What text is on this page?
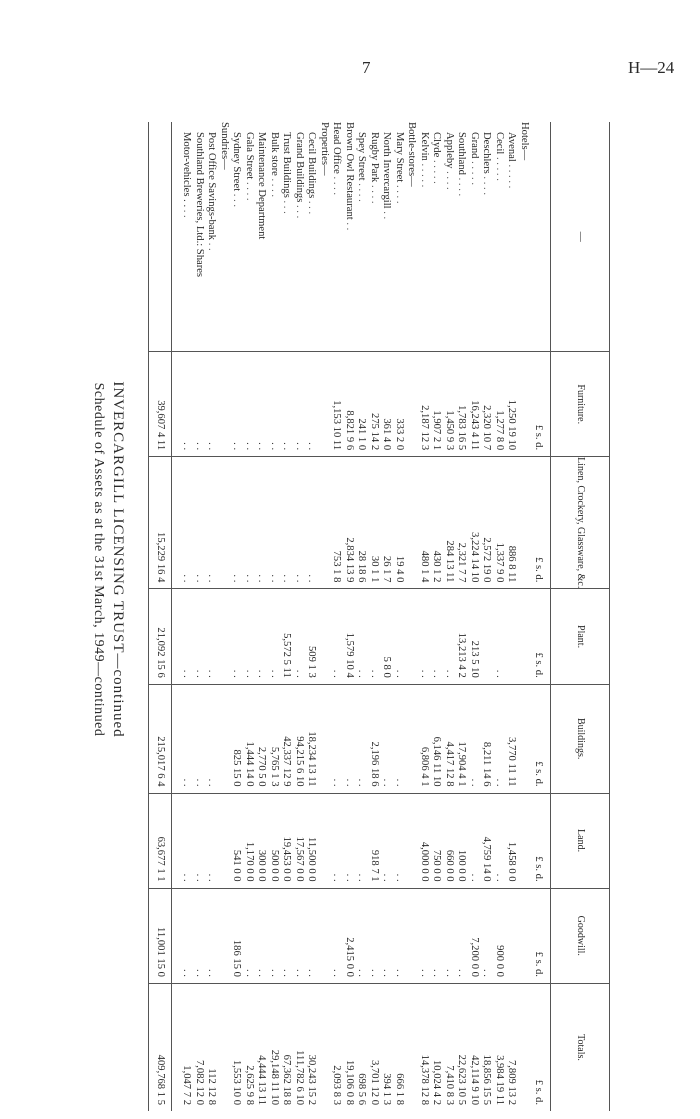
7	H—24
INVERCARGILL LICENSING TRUST—continued
Schedule of Assets as at the 31st March, 1949—continued
—	Furniture.	Linen, Crockery, Glassware, &c.	Plant.	Buildings.	Land.	Goodwill.	Totals.
	£ s. d.	£ s. d.	£ s. d.	£ s. d.	£ s. d.	£ s. d.	£ s. d.
Hotels—							
Avenal . . . . .	1,250 19 10	886 8 11		3,770 11 11	1,458 0 0		7,809 13 2
Cecil . . . . .	1,277 8 0	1,337 9 0	. .	. .	. .	900 0 0	3,984 19 11
Deschlers . . . .	2,320 10 7	2,572 19 0		8,211 14 6	4,759 14 0	. .	18,856 15 5
Grand . . . . .	16,243 4 11	3,224 14 10	213 5 10	. .	. .	7,200 0 0	42,114 9 10
Southland . . . .	1,783 16 5	2,321 7 7	13,213 4 2	17,904 4 1	100 0 0	. .	22,623 10 5
Appleby . . . .	1,450 9 3	284 13 11	. .	4,417 12 8	660 0 0	. .	7,410 8 3
Clyde . . . . .	1,907 2 1	430 1 2	. .	6,146 11 10	750 0 0	. .	10,024 4 2
Kelvin . . . . .	2,187 12 3	480 1 4	. .	6,806 4 1	4,000 0 0	. .	14,378 12 8
Bottle-stores—							
Mary Street . . . .	333 2 0	19 4 0	. .	. .	. .	. .	666 1 8
North Invercargill . .	361 4 0	26 1 7	5 8 0	. .	. .	. .	394 1 3
Rugby Park . . . .	275 14 2	30 1 1	. .	2,196 18 6	918 7 1	. .	3,701 12 0
Spey Street . . . .	241 1 0	28 18 6	. .	. .	. .	. .	698 5 6
Brown Owl Restaurant . .	8,821 9 6	2,834 13 9	1,579 10 4	. .	. .	2,415 0 0	19,106 0 8
Head Office . . . .	1,153 10 11	753 1 8	. .	. .	. .	. .	2,093 8 3
Properties—							
Cecil Buildings . . .	. .	. .	509 1 3	18,234 13 11	11,500 0 0	. .	30,243 15 2
Grand Buildings . . .	. .	. .	. .	94,215 6 10	17,567 0 0	. .	111,782 6 10
Trust Buildings . . .	. .	. .	5,572 5 11	42,337 12 9	19,453 0 0	. .	67,362 18 8
Bulk store . . . .	. .	. .	. .	5,765 1 3	500 0 0	. .	29,148 11 10
Maintenance Department	. .	. .	. .	2,770 5 0	300 0 0	. .	4,444 13 11
Gala Street . . . .	. .	. .	. .	1,444 14 0	1,170 0 0	. .	2,625 9 8
Sydney Street . . .	. .	. .	. .	825 15 0	541 0 0	186 15 0	1,553 10 0
Sundries—							
Post Office Savings-bank . .	. .	. .	. .	. .	. .	. .	112 12 8
Southland Breweries, Ltd.: Shares	. .	. .	. .	. .	. .	. .	7,082 12 0
Motor-vehicles . . . .	. .	. .	. .	. .	. .	. .	1,047 7 2

	39,607 4 11	15,229 16 4	21,092 15 6	215,017 6 4	63,677 1 1	11,001 15 0	409,768 1 5
